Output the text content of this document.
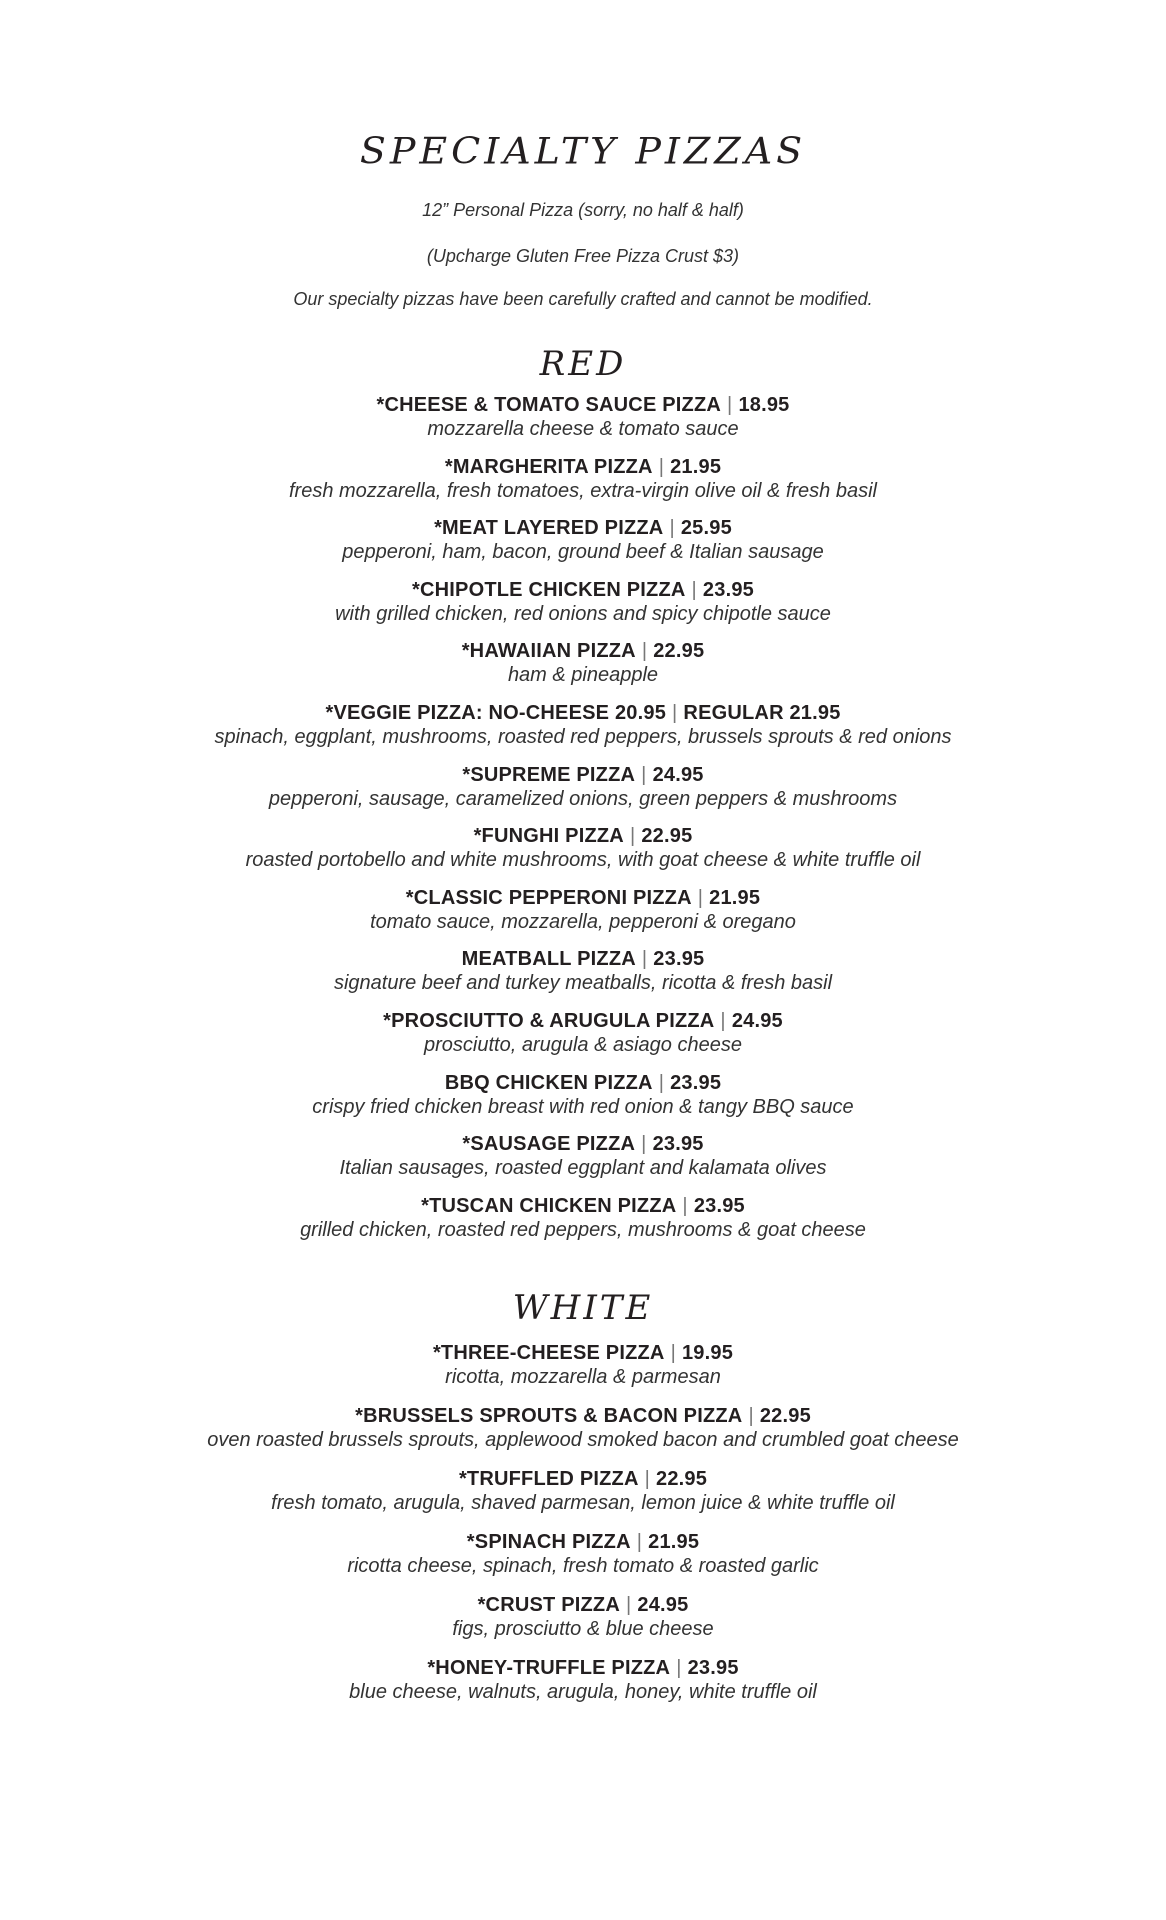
SPECIALTY PIZZAS
12” Personal Pizza (sorry, no half & half)
(Upcharge Gluten Free Pizza Crust $3)
Our specialty pizzas have been carefully crafted and cannot be modified.
RED
*CHEESE & TOMATO SAUCE PIZZA | 18.95
mozzarella cheese & tomato sauce
*MARGHERITA PIZZA | 21.95
fresh mozzarella, fresh tomatoes, extra-virgin olive oil & fresh basil
*MEAT LAYERED PIZZA | 25.95
pepperoni, ham, bacon, ground beef & Italian sausage
*CHIPOTLE CHICKEN PIZZA | 23.95
with grilled chicken, red onions and spicy chipotle sauce
*HAWAIIAN PIZZA | 22.95
ham & pineapple
*VEGGIE PIZZA: NO-CHEESE 20.95 | REGULAR 21.95
spinach, eggplant, mushrooms, roasted red peppers, brussels sprouts & red onions
*SUPREME PIZZA | 24.95
pepperoni, sausage, caramelized onions, green peppers & mushrooms
*FUNGHI PIZZA | 22.95
roasted portobello and white mushrooms, with goat cheese & white truffle oil
*CLASSIC PEPPERONI PIZZA | 21.95
tomato sauce, mozzarella, pepperoni & oregano
MEATBALL PIZZA | 23.95
signature beef and turkey meatballs, ricotta & fresh basil
*PROSCIUTTO & ARUGULA PIZZA | 24.95
prosciutto, arugula & asiago cheese
BBQ CHICKEN PIZZA | 23.95
crispy fried chicken breast with red onion & tangy BBQ sauce
*SAUSAGE PIZZA | 23.95
Italian sausages, roasted eggplant and kalamata olives
*TUSCAN CHICKEN PIZZA | 23.95
grilled chicken, roasted red peppers, mushrooms & goat cheese
WHITE
*THREE-CHEESE PIZZA | 19.95
ricotta, mozzarella & parmesan
*BRUSSELS SPROUTS & BACON PIZZA | 22.95
oven roasted brussels sprouts, applewood smoked bacon and crumbled goat cheese
*TRUFFLED PIZZA | 22.95
fresh tomato, arugula, shaved parmesan, lemon juice & white truffle oil
*SPINACH PIZZA | 21.95
ricotta cheese, spinach, fresh tomato & roasted garlic
*CRUST PIZZA | 24.95
figs, prosciutto & blue cheese
*HONEY-TRUFFLE PIZZA | 23.95
blue cheese, walnuts, arugula, honey, white truffle oil
